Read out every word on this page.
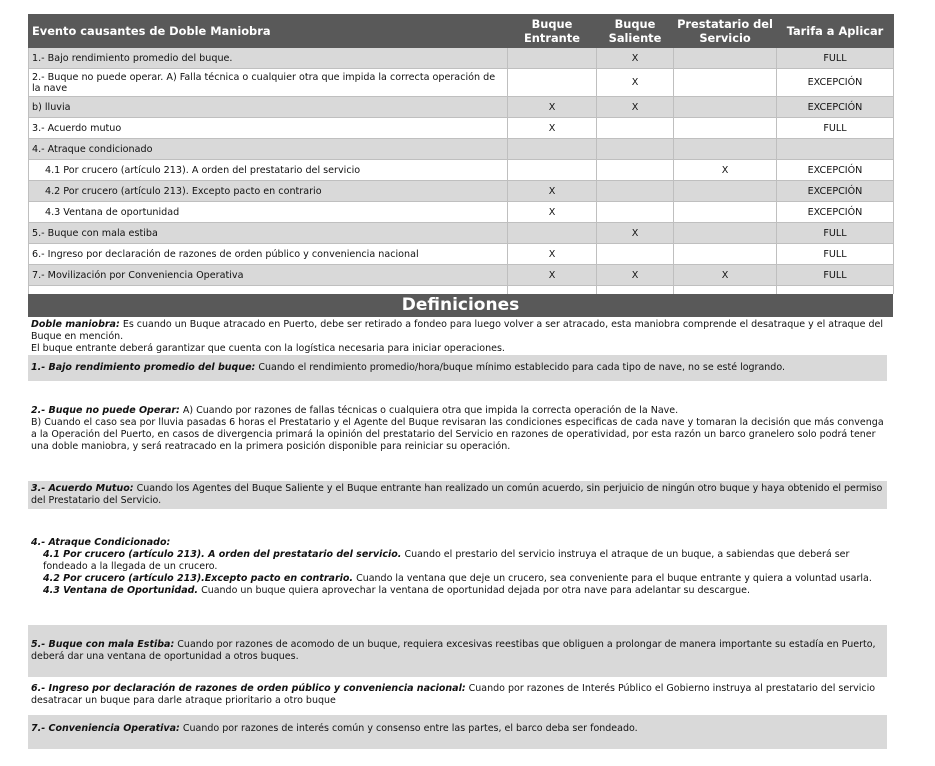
Evento causantes de Doble Maniobra	Buque Entrante	Buque Saliente	Prestatario del Servicio	Tarifa a Aplicar
1.- Bajo rendimiento promedio del buque.		X		FULL
2.- Buque no puede operar. A) Falla técnica o cualquier otra que impida la correcta operación de la nave		X		EXCEPCIÓN
b) lluvia	X	X		EXCEPCIÓN
3.- Acuerdo mutuo	X			FULL
4.- Atraque condicionado				
4.1 Por crucero (artículo 213). A orden del prestatario del servicio			X	EXCEPCIÓN
4.2 Por crucero (artículo 213). Excepto pacto en contrario	X			EXCEPCIÓN
4.3 Ventana de oportunidad	X			EXCEPCIÓN
5.- Buque con mala estiba		X		FULL
6.- Ingreso por declaración de razones de orden público y conveniencia nacional	X			FULL
7.- Movilización por Conveniencia Operativa	X	X	X	FULL

Definiciones
Doble maniobra: Es cuando un Buque atracado en Puerto, debe ser retirado a fondeo para luego volver a ser atracado, esta maniobra comprende el desatraque y el atraque del Buque en mención.
El buque entrante deberá garantizar que cuenta con la logística necesaria para iniciar operaciones.
1.- Bajo rendimiento promedio del buque: Cuando el rendimiento promedio/hora/buque mínimo establecido para cada tipo de nave, no se esté logrando.
2.- Buque no puede Operar: A) Cuando por razones de fallas técnicas o cualquiera otra que impida la correcta operación de la Nave.
B) Cuando el caso sea por lluvia pasadas 6 horas el Prestatario y el Agente del Buque revisaran las condiciones especificas de cada nave y tomaran la decisión que más convenga a la Operación del Puerto, en casos de divergencia primará la opinión del prestatario del Servicio en razones de operatividad, por esta razón un barco granelero solo podrá tener una doble maniobra, y será reatracado en la primera posición disponible para reiniciar su operación.
3.- Acuerdo Mutuo: Cuando los Agentes del Buque Saliente y el Buque entrante han realizado un común acuerdo, sin perjuicio de ningún otro buque y haya obtenido el permiso del Prestatario del Servicio.
4.- Atraque Condicionado:
4.1 Por crucero (artículo 213). A orden del prestatario del servicio. Cuando el prestario del servicio instruya el atraque de un buque, a sabiendas que deberá ser fondeado a la llegada de un crucero.
4.2 Por crucero (artículo 213).Excepto pacto en contrario. Cuando la ventana que deje un crucero, sea conveniente para el buque entrante y quiera a voluntad usarla.
4.3 Ventana de Oportunidad. Cuando un buque quiera aprovechar la ventana de oportunidad dejada por otra nave para adelantar su descargue.
5.- Buque con mala Estiba: Cuando por razones de acomodo de un buque, requiera excesivas reestibas que obliguen a prolongar de manera importante su estadía en Puerto, deberá dar una ventana de oportunidad a otros buques.
6.- Ingreso por declaración de razones de orden público y conveniencia nacional: Cuando por razones de Interés Público el Gobierno instruya al prestatario del servicio desatracar un buque para darle atraque prioritario a otro buque
7.- Conveniencia Operativa: Cuando por razones de interés común y consenso entre las partes, el barco deba ser fondeado.
